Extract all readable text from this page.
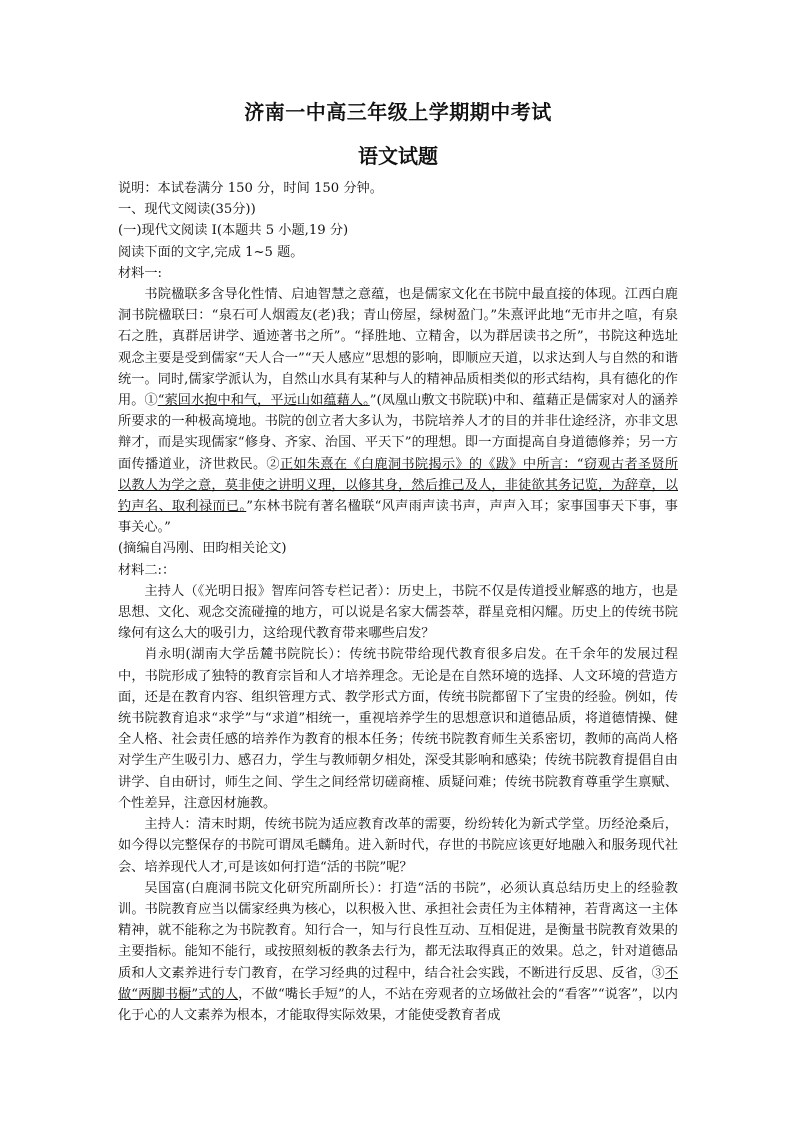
济南一中高三年级上学期期中考试
语文试题

说明：本试卷满分 150 分，时间 150 分钟。

一、现代文阅读(35分))

(一)现代文阅读 I(本题共 5 小题,19 分)

阅读下面的文字,完成 1~5 题。

材料一:

书院楹联多含导化性情、启迪智慧之意蕴，也是儒家文化在书院中最直接的体现。江西白鹿洞书院楹联曰：“泉石可人烟霞友(老)我；青山傍屋，绿树盈门。”朱熹评此地“无市井之喧，有泉石之胜，真群居讲学、遁迹著书之所”。“择胜地、立精舍，以为群居读书之所”，书院这种选址观念主要是受到儒家“天人合一”“天人感应”思想的影响，即顺应天道，以求达到人与自然的和谐统一。同时,儒家学派认为，自然山水具有某种与人的精神品质相类似的形式结构，具有德化的作用。①“萦回水抱中和气，平远山如蕴藉人。”(凤凰山敷文书院联)中和、蕴藉正是儒家对人的涵养所要求的一种极高境地。书院的创立者大多认为，书院培养人才的目的并非仕途经济，亦非文思辩才，而是实现儒家“修身、齐家、治国、平天下”的理想。即一方面提高自身道德修养；另一方面传播道业，济世救民。②正如朱熹在《白鹿洞书院揭示》的《跋》中所言：“窃观古者圣贤所以教人为学之意，莫非使之讲明义理，以修其身，然后推己及人，非徒欲其务记览，为辞章，以钓声名、取利禄而已。”东林书院有著名楹联“风声雨声读书声，声声入耳；家事国事天下事，事事关心。”

(摘编自冯刚、田昀相关论文)

材料二:：

主持人（《光明日报》智库问答专栏记者）：历史上，书院不仅是传道授业解惑的地方，也是思想、文化、观念交流碰撞的地方，可以说是名家大儒荟萃，群星竞相闪耀。历史上的传统书院缘何有这么大的吸引力，这给现代教育带来哪些启发？

肖永明(湖南大学岳麓书院院长）：传统书院带给现代教育很多启发。在千余年的发展过程中，书院形成了独特的教育宗旨和人才培养理念。无论是在自然环境的选择、人文环境的营造方面，还是在教育内容、组织管理方式、教学形式方面，传统书院都留下了宝贵的经验。例如，传统书院教育追求“求学”与“求道”相统一，重视培养学生的思想意识和道德品质，将道德情操、健全人格、社会责任感的培养作为教育的根本任务；传统书院教育师生关系密切，教师的高尚人格对学生产生吸引力、感召力，学生与教师朝夕相处，深受其影响和感染；传统书院教育提倡自由讲学、自由研讨，师生之间、学生之间经常切磋商榷、质疑问难；传统书院教育尊重学生禀赋、个性差异，注意因材施教。

主持人：清末时期，传统书院为适应教育改革的需要，纷纷转化为新式学堂。历经沧桑后，如今得以完整保存的书院可谓凤毛麟角。进入新时代，存世的书院应该更好地融入和服务现代社会、培养现代人才,可是该如何打造“活的书院”呢？

吴国富(白鹿洞书院文化研究所副所长）：打造“活的书院”，必须认真总结历史上的经验教训。书院教育应当以儒家经典为核心，以积极入世、承担社会责任为主体精神，若背离这一主体精神，就不能称之为书院教育。知行合一，知与行良性互动、互相促进，是衡量书院教育效果的主要指标。能知不能行，或按照刻板的教条去行为，都无法取得真正的效果。总之，针对道德品质和人文素养进行专门教育，在学习经典的过程中，结合社会实践，不断进行反思、反省，③不做“两脚书橱”式的人，不做“嘴长手短”的人，不站在旁观者的立场做社会的“看客”“说客”，以内化于心的人文素养为根本，才能取得实际效果，才能使受教育者成
